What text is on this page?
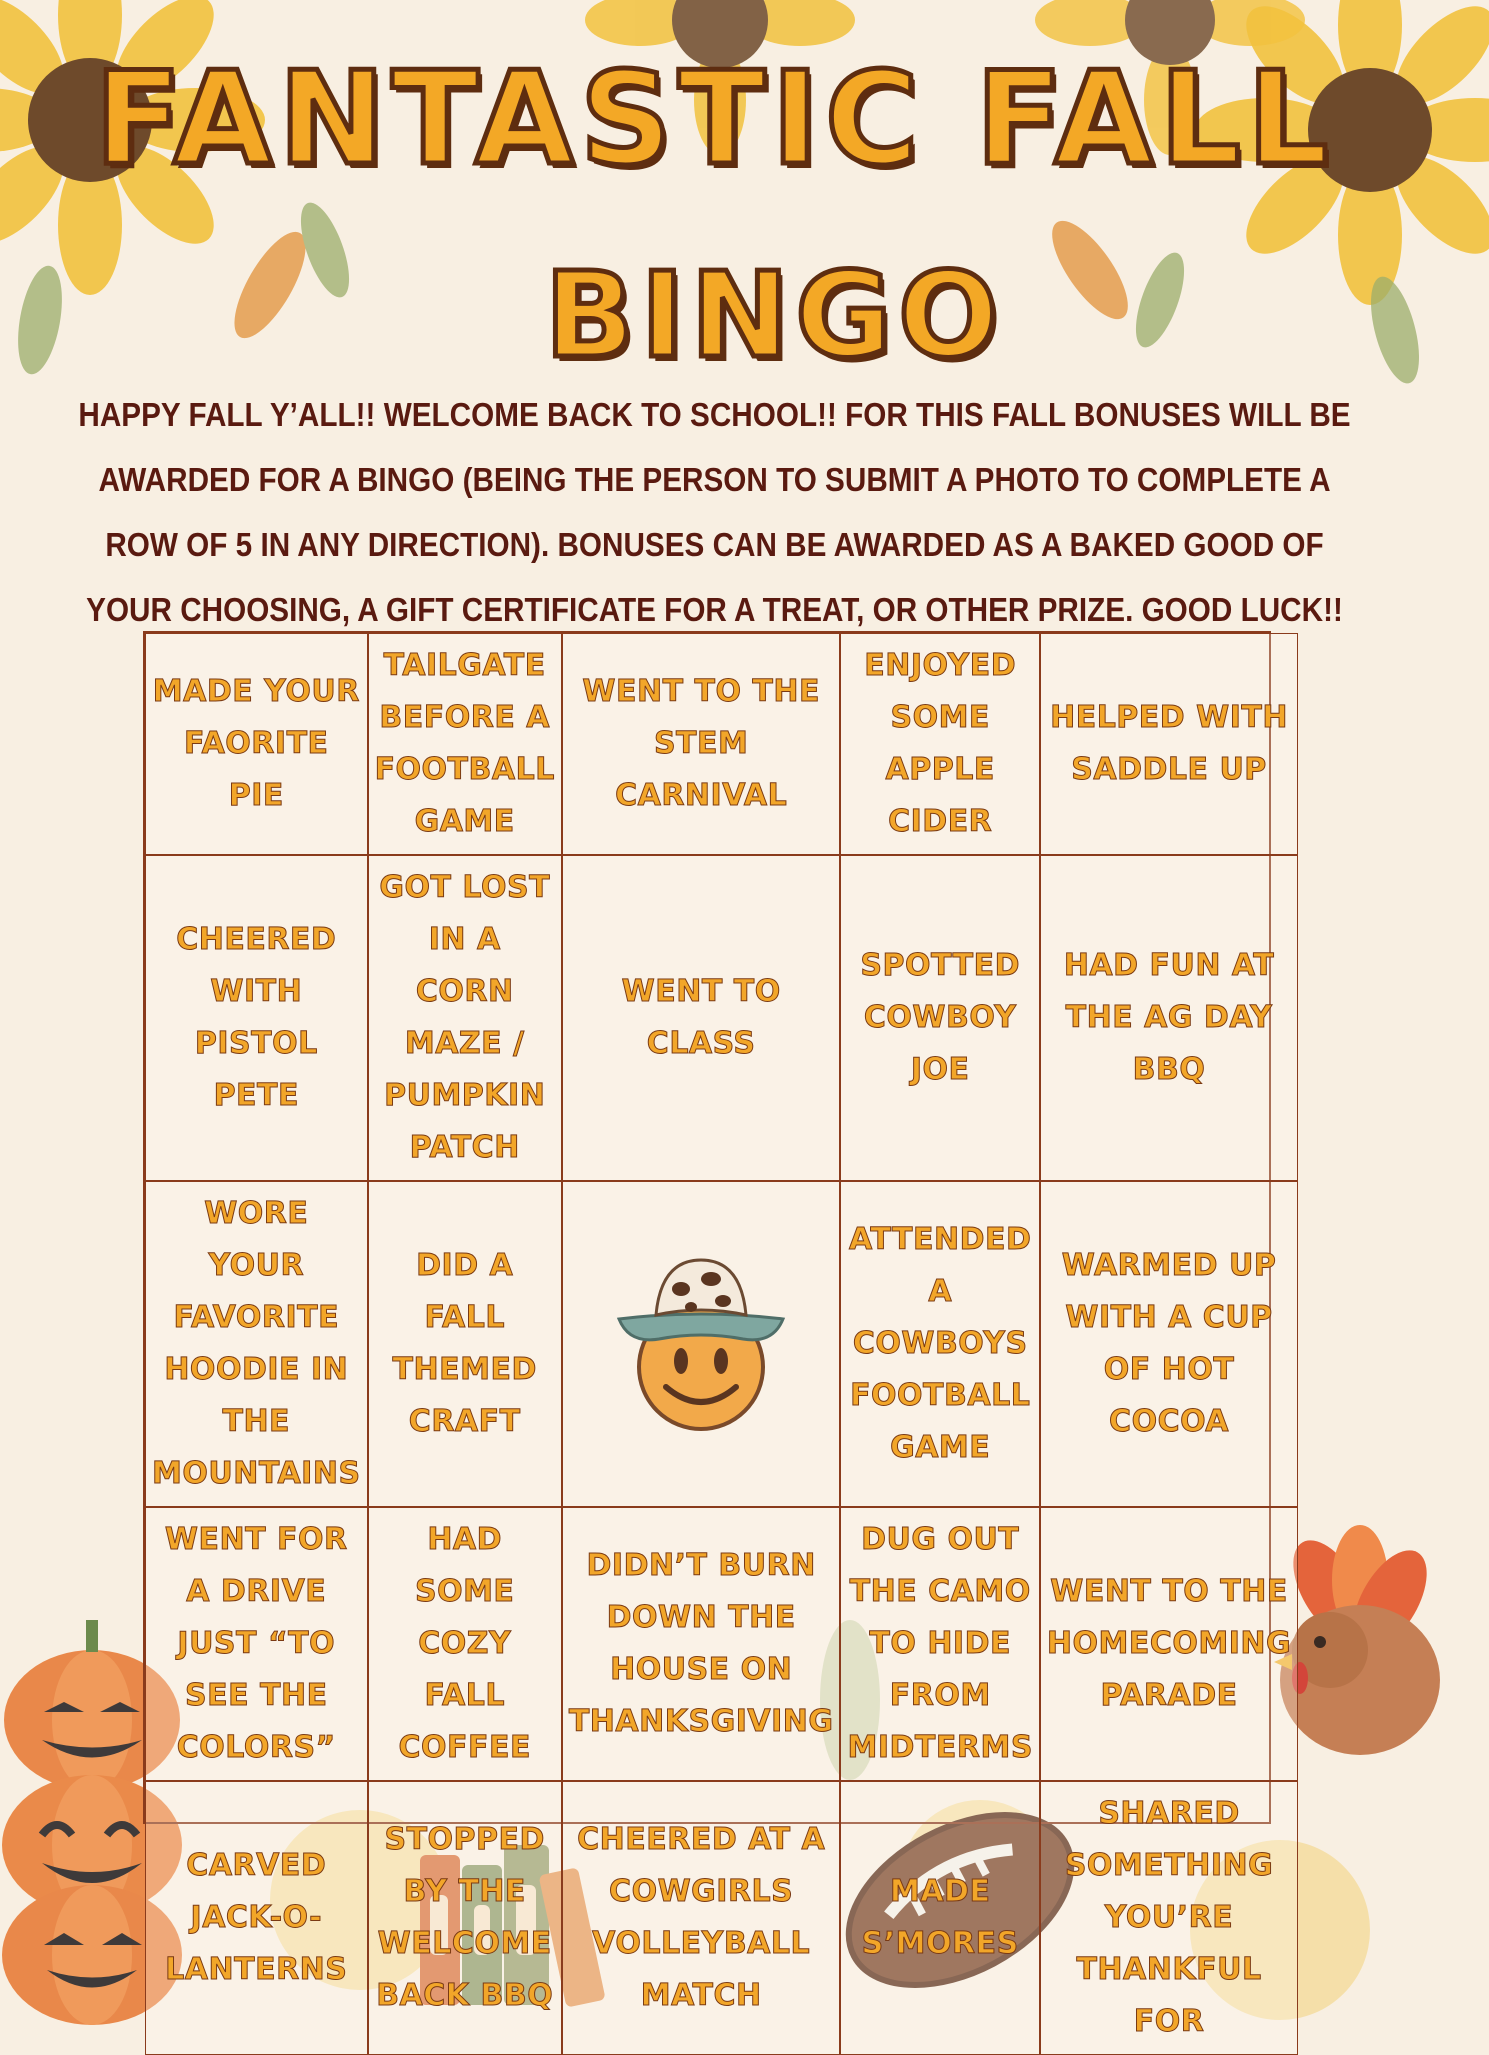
FANTASTIC FALL
BINGO
HAPPY FALL Y’ALL!! WELCOME BACK TO SCHOOL!! FOR THIS FALL BONUSES WILL BE AWARDED FOR A BINGO (BEING THE PERSON TO SUBMIT A PHOTO TO COMPLETE A ROW OF 5 IN ANY DIRECTION). BONUSES CAN BE AWARDED AS A BAKED GOOD OF YOUR CHOOSING, A GIFT CERTIFICATE FOR A TREAT, OR OTHER PRIZE. GOOD LUCK!!
MADE YOUR FAORITE PIE
TAILGATE BEFORE A FOOTBALL GAME
WENT TO THE STEM CARNIVAL
ENJOYED SOME APPLE CIDER
HELPED WITH SADDLE UP
CHEERED WITH PISTOL PETE
GOT LOST IN A CORN MAZE / PUMPKIN PATCH
WENT TO CLASS
SPOTTED COWBOY JOE
HAD FUN AT THE AG DAY BBQ
WORE YOUR FAVORITE HOODIE IN THE MOUNTAINS
DID A FALL THEMED CRAFT
ATTENDED A COWBOYS FOOTBALL GAME
WARMED UP WITH A CUP OF HOT COCOA
WENT FOR A DRIVE JUST “TO SEE THE COLORS”
HAD SOME COZY FALL COFFEE
DIDN’T BURN DOWN THE HOUSE ON THANKSGIVING
DUG OUT THE CAMO TO HIDE FROM MIDTERMS
WENT TO THE HOMECOMING PARADE
CARVED JACK-O-LANTERNS
STOPPED BY THE WELCOME BACK BBQ
CHEERED AT A COWGIRLS VOLLEYBALL MATCH
MADE S’MORES
SHARED SOMETHING YOU’RE THANKFUL FOR
